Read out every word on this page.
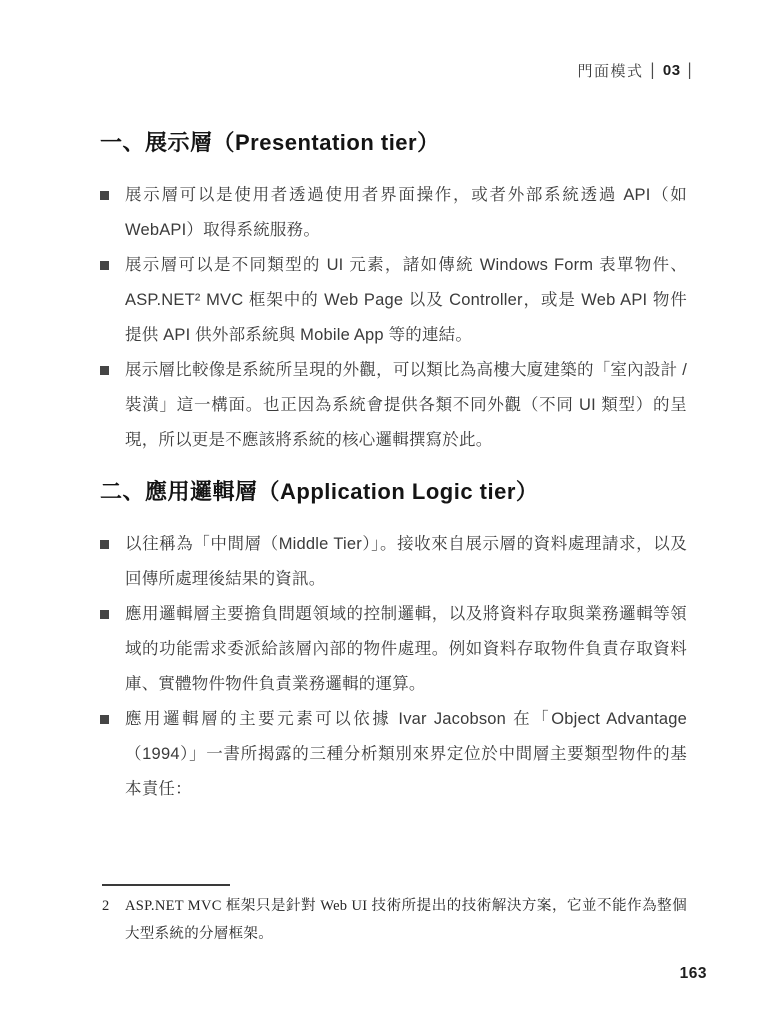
門面模式 | 03 |
一、展示層（Presentation tier）

展示層可以是使用者透過使用者界面操作，或者外部系統透過 API（如 WebAPI）取得系統服務。

展示層可以是不同類型的 UI 元素，諸如傳統 Windows Form 表單物件、ASP.NET² MVC 框架中的 Web Page 以及 Controller，或是 Web API 物件提供 API 供外部系統與 Mobile App 等的連結。

展示層比較像是系統所呈現的外觀，可以類比為高樓大廈建築的「室內設計 / 裝潢」這一構面。也正因為系統會提供各類不同外觀（不同 UI 類型）的呈現，所以更是不應該將系統的核心邏輯撰寫於此。

二、應用邏輯層（Application Logic tier）

以往稱為「中間層（Middle Tier）」。接收來自展示層的資料處理請求，以及回傳所處理後結果的資訊。

應用邏輯層主要擔負問題領域的控制邏輯，以及將資料存取與業務邏輯等領域的功能需求委派給該層內部的物件處理。例如資料存取物件負責存取資料庫、實體物件物件負責業務邏輯的運算。

應用邏輯層的主要元素可以依據 Ivar Jacobson 在「Object Advantage（1994）」一書所揭露的三種分析類別來界定位於中間層主要類型物件的基本責任：

2	ASP.NET MVC 框架只是針對 Web UI 技術所提出的技術解決方案，它並不能作為整個大型系統的分層框架。

163
